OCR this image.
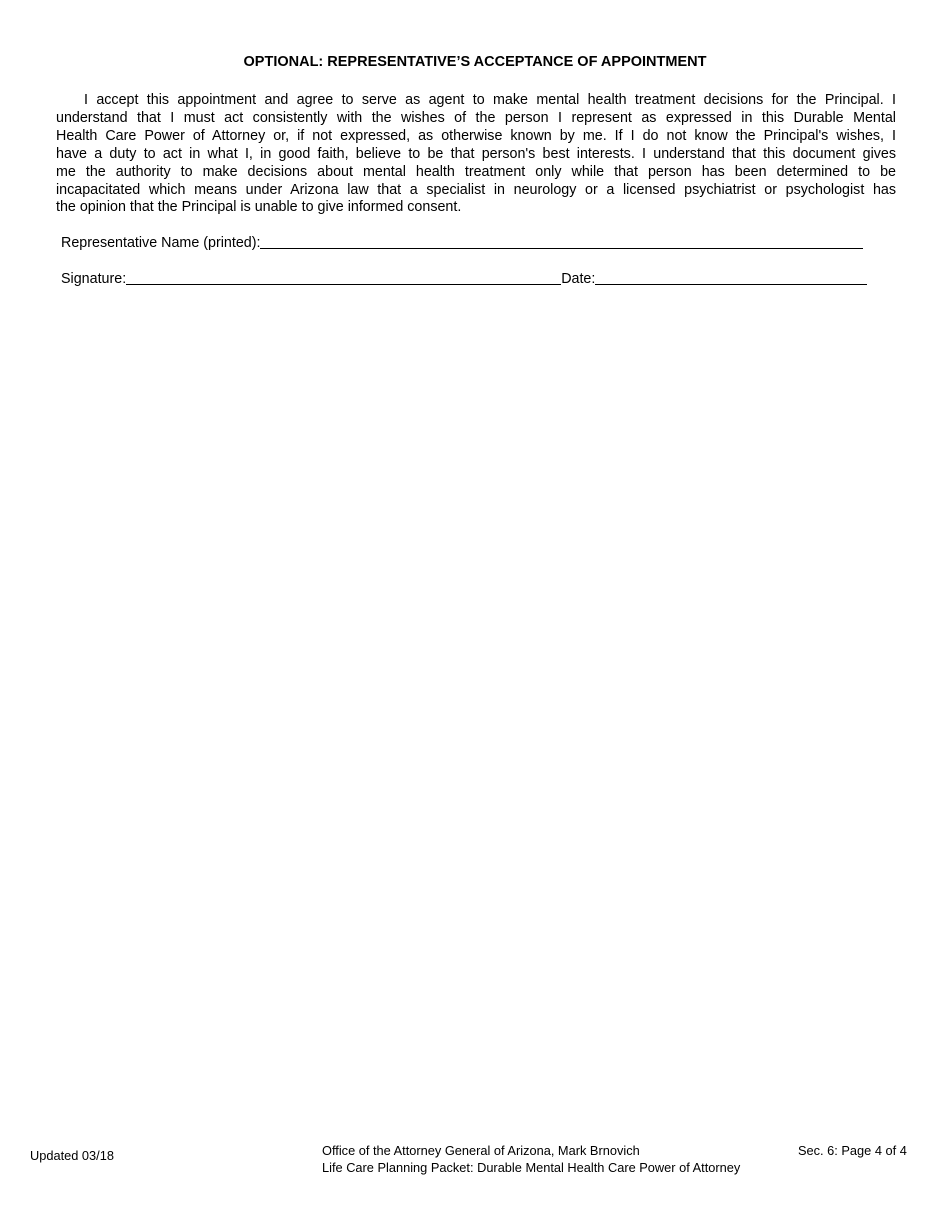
OPTIONAL: REPRESENTATIVE’S ACCEPTANCE OF APPOINTMENT
I accept this appointment and agree to serve as agent to make mental health treatment decisions for the Principal. I
understand that I must act consistently with the wishes of the person I represent as expressed in this Durable Mental
Health Care Power of Attorney or, if not expressed, as otherwise known by me. If I do not know the Principal's wishes, I
have a duty to act in what I, in good faith, believe to be that person's best interests. I understand that this document gives
me the authority to make decisions about mental health treatment only while that person has been determined to be
incapacitated which means under Arizona law that a specialist in neurology or a licensed psychiatrist or psychologist has
the opinion that the Principal is unable to give informed consent.
Representative Name (printed):
Signature:	Date:
Updated 03/18	Office of the Attorney General of Arizona, Mark Brnovich
Life Care Planning Packet: Durable Mental Health Care Power of Attorney
Sec. 6: Page 4 of 4
